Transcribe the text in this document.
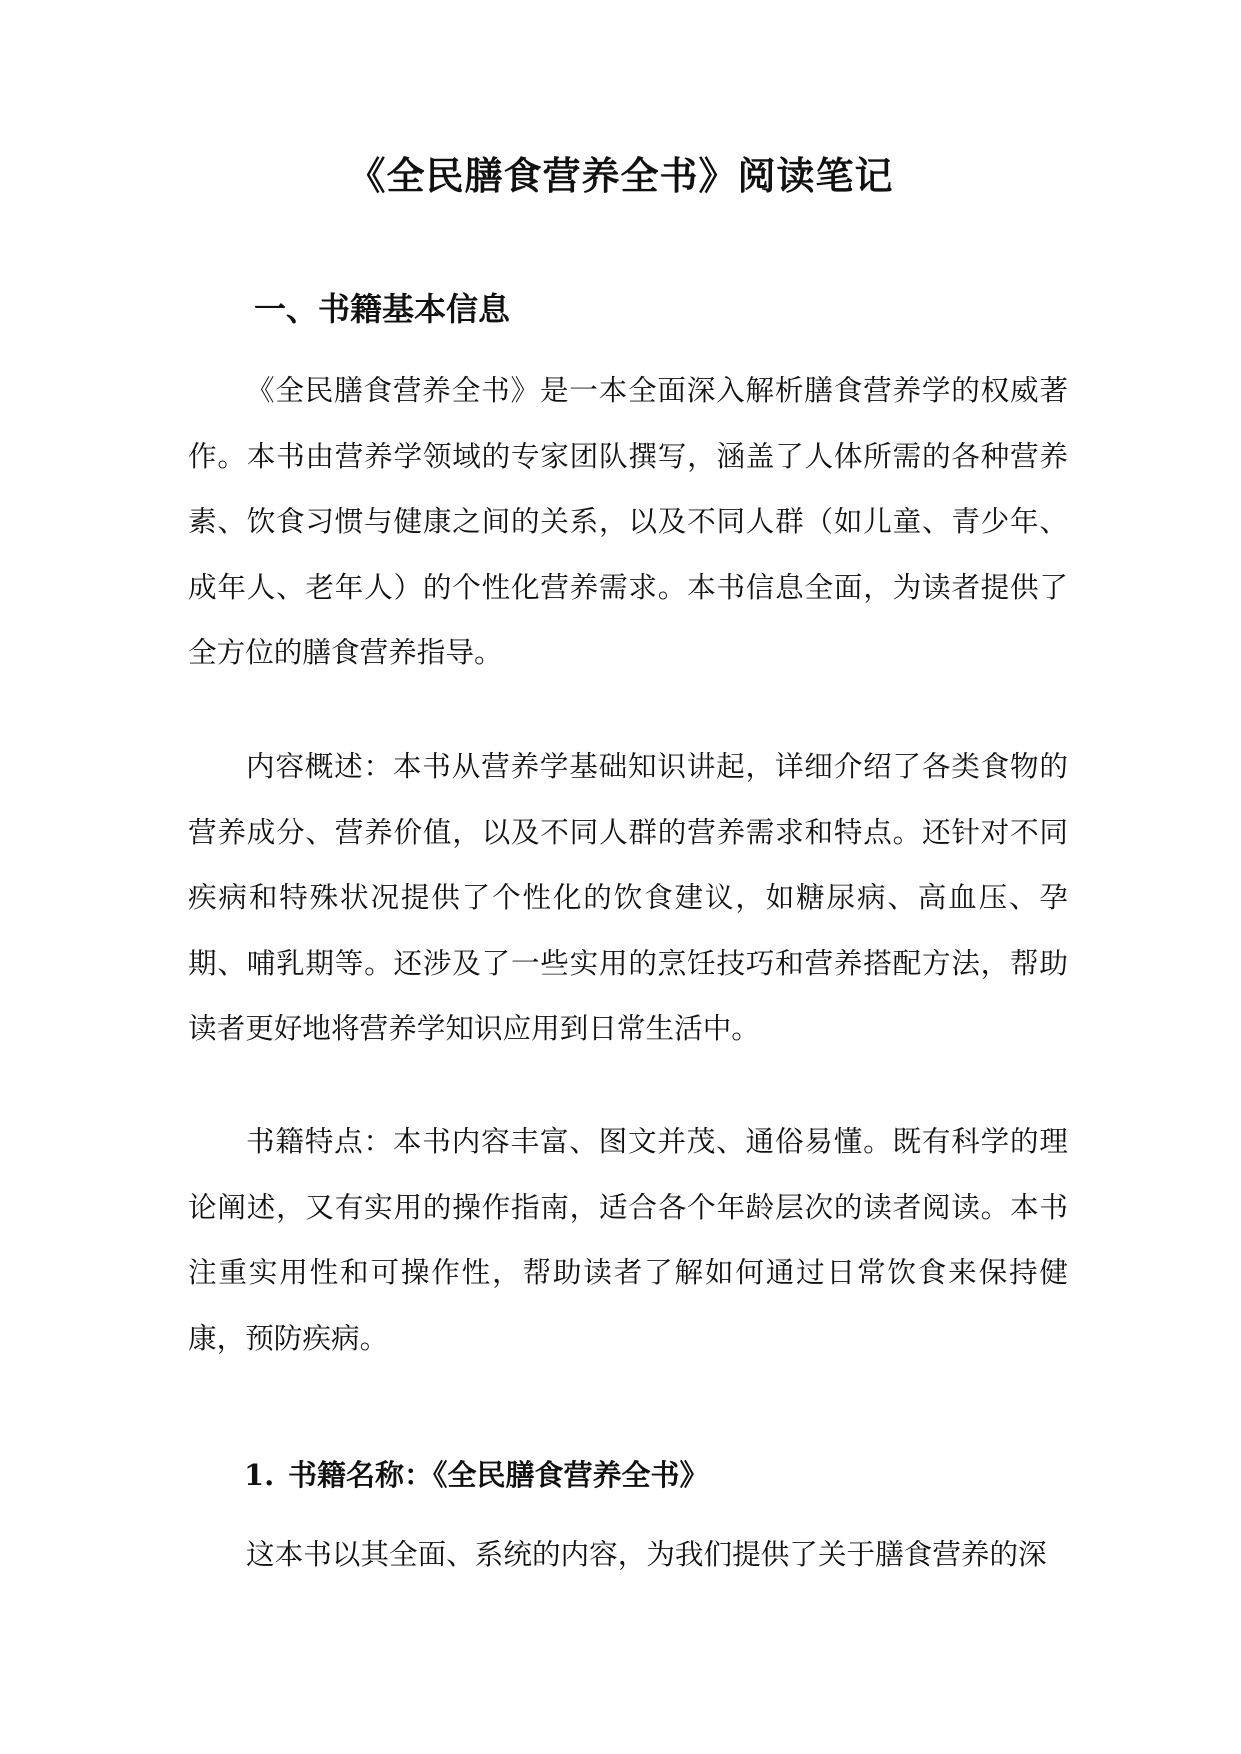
《全民膳食营养全书》阅读笔记
一、书籍基本信息

《全民膳食营养全书》是一本全面深入解析膳食营养学的权威著作。本书由营养学领域的专家团队撰写，涵盖了人体所需的各种营养素、饮食习惯与健康之间的关系，以及不同人群（如儿童、青少年、成年人、老年人）的个性化营养需求。本书信息全面，为读者提供了全方位的膳食营养指导。

内容概述：本书从营养学基础知识讲起，详细介绍了各类食物的营养成分、营养价值，以及不同人群的营养需求和特点。还针对不同疾病和特殊状况提供了个性化的饮食建议，如糖尿病、高血压、孕期、哺乳期等。还涉及了一些实用的烹饪技巧和营养搭配方法，帮助读者更好地将营养学知识应用到日常生活中。

书籍特点：本书内容丰富、图文并茂、通俗易懂。既有科学的理论阐述，又有实用的操作指南，适合各个年龄层次的读者阅读。本书注重实用性和可操作性，帮助读者了解如何通过日常饮食来保持健康，预防疾病。

1. 书籍名称：《全民膳食营养全书》

这本书以其全面、系统的内容，为我们提供了关于膳食营养的深
